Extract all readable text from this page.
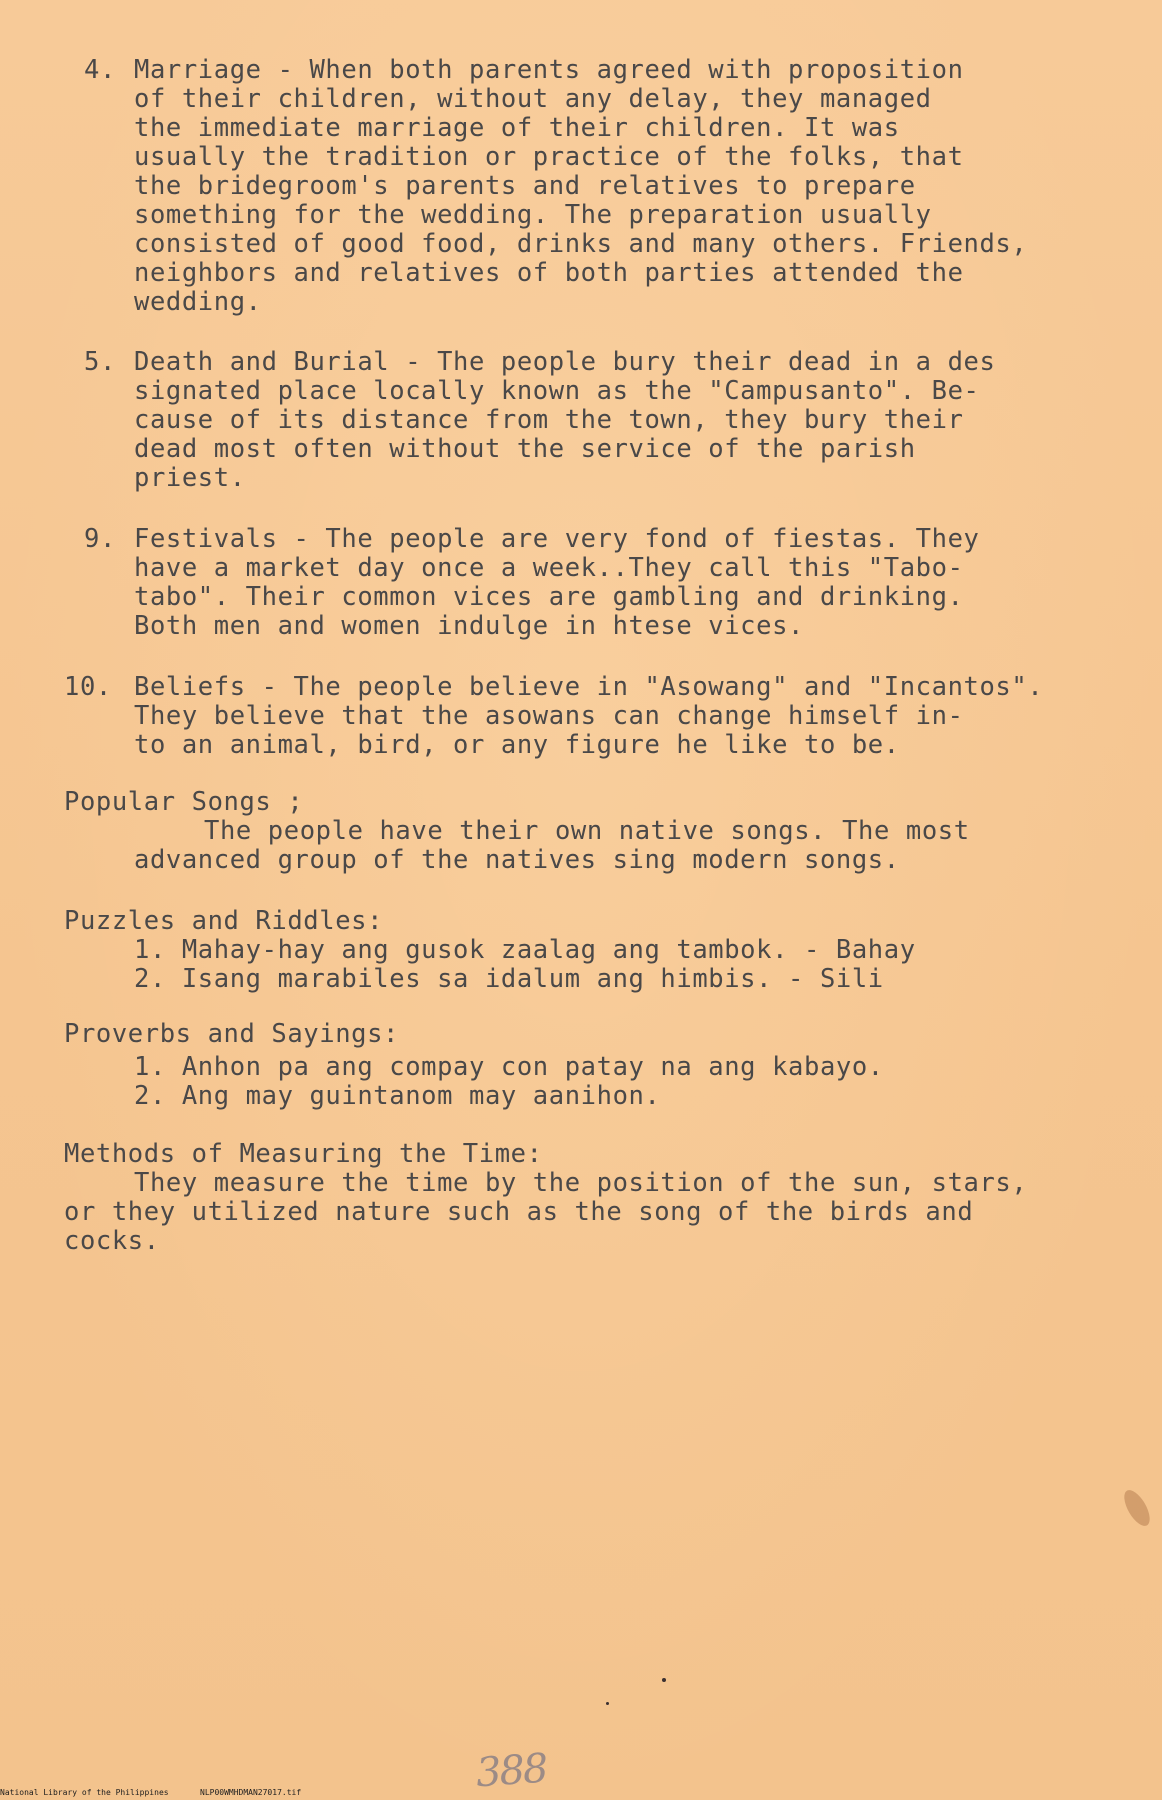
4. Marriage - When both parents agreed with proposition

of their children, without any delay, they managed

the immediate marriage of their children. It was

usually the tradition or practice of the folks, that

the bridegroom's parents and relatives to prepare

something for the wedding. The preparation usually

consisted of good food, drinks and many others. Friends,

neighbors and relatives of both parties attended the

wedding.

5. Death and Burial - The people bury their dead in a des

signated place locally known as the "Campusanto". Be-

cause of its distance from the town, they bury their

dead most often without the service of the parish

priest.

9. Festivals - The people are very fond of fiestas. They

have a market day once a week..They call this "Tabo-

tabo". Their common vices are gambling and drinking.

Both men and women indulge in htese vices.

10. Beliefs - The people believe in "Asowang" and "Incantos".

They believe that the asowans can change himself in-

to an animal, bird, or any figure he like to be.

Popular Songs ;

The people have their own native songs. The most

advanced group of the natives sing modern songs.

Puzzles and Riddles:

1. Mahay-hay ang gusok zaalag ang tambok. - Bahay

2. Isang marabiles sa idalum ang himbis. - Sili

Proverbs and Sayings:

1. Anhon pa ang compay con patay na ang kabayo.

2. Ang may guintanom may aanihon.

Methods of Measuring the Time:

They measure the time by the position of the sun, stars,

or they utilized nature such as the song of the birds and

cocks.

388
National Library of the Philippines	NLP00WMHDMAN27017.tif
